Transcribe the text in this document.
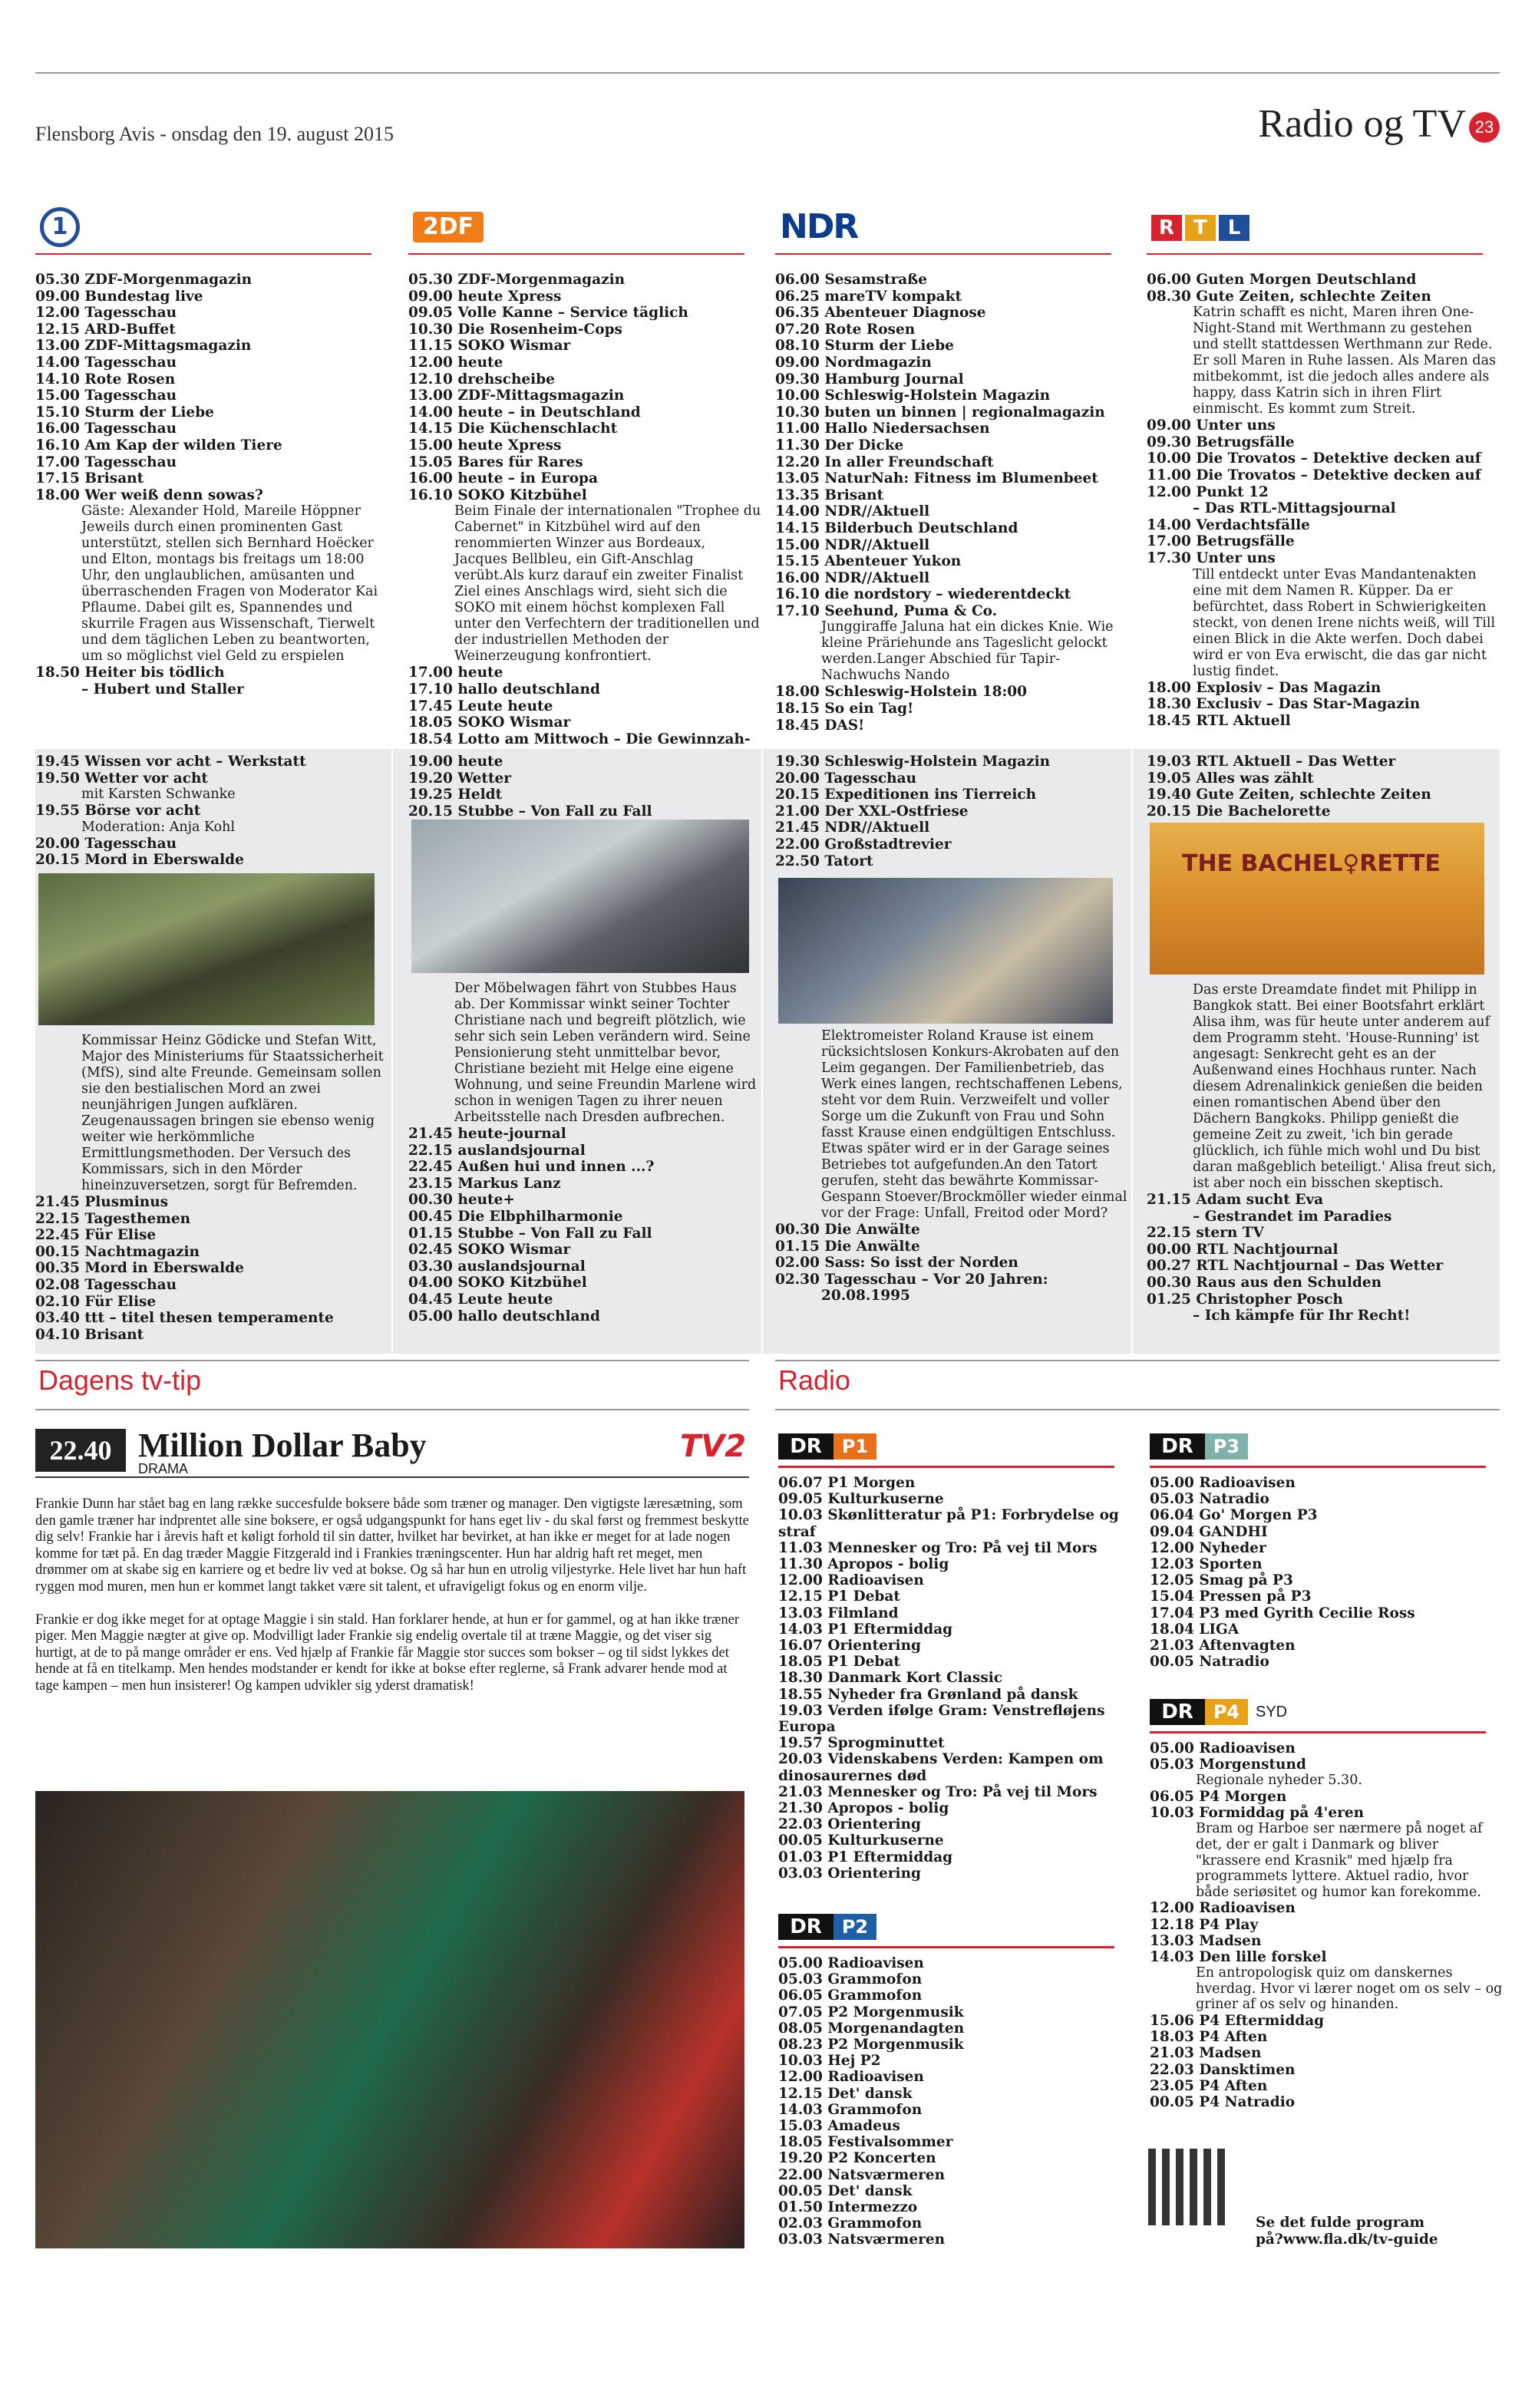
Flensborg Avis - onsdag den 19. august 2015	Radio og TV 23
1	2DF	NDR	R T	L
05.30 ZDF-Morgenmagazin
09.00 Bundestag live
12.00 Tagesschau
12.15 ARD-Buffet
13.00 ZDF-Mittagsmagazin
14.00 Tagesschau
14.10 Rote Rosen
15.00 Tagesschau
15.10 Sturm der Liebe
16.00 Tagesschau
16.10 Am Kap der wilden Tiere
17.00 Tagesschau
17.15 Brisant
18.00 Wer weiß denn sowas?
Gäste: Alexander Hold, Mareile Höppner Jeweils durch einen prominenten Gast unterstützt, stellen sich Bernhard Hoëcker und Elton, montags bis freitags um 18:00 Uhr, den unglaublichen, amüsanten und überraschenden Fragen von Moderator Kai Pflaume. Dabei gilt es, Spannendes und skurrile Fragen aus Wissenschaft, Tierwelt und dem täglichen Leben zu beantworten, um so möglichst viel Geld zu erspielen
18.50 Heiter bis tödlich
– Hubert und Staller
05.30 ZDF-Morgenmagazin
09.00 heute Xpress
09.05 Volle Kanne – Service täglich
10.30 Die Rosenheim-Cops
11.15 SOKO Wismar
12.00 heute
12.10 drehscheibe
13.00 ZDF-Mittagsmagazin
14.00 heute – in Deutschland
14.15 Die Küchenschlacht
15.00 heute Xpress
15.05 Bares für Rares
16.00 heute – in Europa
16.10 SOKO Kitzbühel
Beim Finale der internationalen "Trophee du Cabernet" in Kitzbühel wird auf den renommierten Winzer aus Bordeaux, Jacques Bellbleu, ein Gift-Anschlag verübt.Als kurz darauf ein zweiter Finalist Ziel eines Anschlags wird, sieht sich die SOKO mit einem höchst komplexen Fall unter den Verfechtern der traditionellen und der industriellen Methoden der Weinerzeugung konfrontiert.
17.00 heute
17.10 hallo deutschland
17.45 Leute heute
18.05 SOKO Wismar
18.54 Lotto am Mittwoch – Die Gewinnzah-
06.00 Sesamstraße
06.25 mareTV kompakt
06.35 Abenteuer Diagnose
07.20 Rote Rosen
08.10 Sturm der Liebe
09.00 Nordmagazin
09.30 Hamburg Journal
10.00 Schleswig-Holstein Magazin
10.30 buten un binnen | regionalmagazin
11.00 Hallo Niedersachsen
11.30 Der Dicke
12.20 In aller Freundschaft
13.05 NaturNah: Fitness im Blumenbeet
13.35 Brisant
14.00 NDR//Aktuell
14.15 Bilderbuch Deutschland
15.00 NDR//Aktuell
15.15 Abenteuer Yukon
16.00 NDR//Aktuell
16.10 die nordstory – wiederentdeckt
17.10 Seehund, Puma & Co.
Junggiraffe Jaluna hat ein dickes Knie. Wie kleine Präriehunde ans Tageslicht gelockt werden.Langer Abschied für Tapir-Nachwuchs Nando
18.00 Schleswig-Holstein 18:00
18.15 So ein Tag!
18.45 DAS!
06.00 Guten Morgen Deutschland
08.30 Gute Zeiten, schlechte Zeiten
Katrin schafft es nicht, Maren ihren One-Night-Stand mit Werthmann zu gestehen und stellt stattdessen Werthmann zur Rede. Er soll Maren in Ruhe lassen. Als Maren das mitbekommt, ist die jedoch alles andere als happy, dass Katrin sich in ihren Flirt einmischt. Es kommt zum Streit.
09.00 Unter uns
09.30 Betrugsfälle
10.00 Die Trovatos – Detektive decken auf
11.00 Die Trovatos – Detektive decken auf
12.00 Punkt 12
– Das RTL-Mittagsjournal
14.00 Verdachtsfälle
17.00 Betrugsfälle
17.30 Unter uns
Till entdeckt unter Evas Mandantenakten eine mit dem Namen R. Küpper. Da er befürchtet, dass Robert in Schwierigkeiten steckt, von denen Irene nichts weiß, will Till einen Blick in die Akte werfen. Doch dabei wird er von Eva erwischt, die das gar nicht lustig findet.
18.00 Explosiv – Das Magazin
18.30 Exclusiv – Das Star-Magazin
18.45 RTL Aktuell
19.45 Wissen vor acht – Werkstatt
19.50 Wetter vor acht
mit Karsten Schwanke
19.55 Börse vor acht
Moderation: Anja Kohl
20.00 Tagesschau
20.15 Mord in Eberswalde
19.00 heute
19.20 Wetter
19.25 Heldt
20.15 Stubbe – Von Fall zu Fall
19.30 Schleswig-Holstein Magazin
20.00 Tagesschau
20.15 Expeditionen ins Tierreich
21.00 Der XXL-Ostfriese
21.45 NDR//Aktuell
22.00 Großstadtrevier
22.50 Tatort
19.03 RTL Aktuell – Das Wetter
19.05 Alles was zählt
19.40 Gute Zeiten, schlechte Zeiten
20.15 Die Bachelorette
THE BACHEL♀RETTE
Kommissar Heinz Gödicke und Stefan Witt, Major des Ministeriums für Staatssicherheit (MfS), sind alte Freunde. Gemeinsam sollen sie den bestialischen Mord an zwei neunjährigen Jungen aufklären. Zeugenaussagen bringen sie ebenso wenig weiter wie herkömmliche Ermittlungsmethoden. Der Versuch des Kommissars, sich in den Mörder hineinzuversetzen, sorgt für Befremden.
21.45 Plusminus
22.15 Tagesthemen
22.45 Für Elise
00.15 Nachtmagazin
00.35 Mord in Eberswalde
02.08 Tagesschau
02.10 Für Elise
03.40 ttt – titel thesen temperamente
04.10 Brisant
Der Möbelwagen fährt von Stubbes Haus ab. Der Kommissar winkt seiner Tochter Christiane nach und begreift plötzlich, wie sehr sich sein Leben verändern wird. Seine Pensionierung steht unmittelbar bevor, Christiane bezieht mit Helge eine eigene Wohnung, und seine Freundin Marlene wird schon in wenigen Tagen zu ihrer neuen Arbeitsstelle nach Dresden aufbrechen.
21.45 heute-journal
22.15 auslandsjournal
22.45 Außen hui und innen ...?
23.15 Markus Lanz
00.30 heute+
00.45 Die Elbphilharmonie
01.15 Stubbe – Von Fall zu Fall
02.45 SOKO Wismar
03.30 auslandsjournal
04.00 SOKO Kitzbühel
04.45 Leute heute
05.00 hallo deutschland
Elektromeister Roland Krause ist einem rücksichtslosen Konkurs-Akrobaten auf den Leim gegangen. Der Familienbetrieb, das Werk eines langen, rechtschaffenen Lebens, steht vor dem Ruin. Verzweifelt und voller Sorge um die Zukunft von Frau und Sohn fasst Krause einen endgültigen Entschluss. Etwas später wird er in der Garage seines Betriebes tot aufgefunden.An den Tatort gerufen, steht das bewährte Kommissar-Gespann Stoever/Brockmöller wieder einmal vor der Frage: Unfall, Freitod oder Mord?
00.30 Die Anwälte
01.15 Die Anwälte
02.00 Sass: So isst der Norden
02.30 Tagesschau – Vor 20 Jahren:
20.08.1995
Das erste Dreamdate findet mit Philipp in Bangkok statt. Bei einer Bootsfahrt erklärt Alisa ihm, was für heute unter anderem auf dem Programm steht. 'House-Running' ist angesagt: Senkrecht geht es an der Außenwand eines Hochhaus runter. Nach diesem Adrenalinkick genießen die beiden einen romantischen Abend über den Dächern Bangkoks. Philipp genießt die gemeine Zeit zu zweit, 'ich bin gerade glücklich, ich fühle mich wohl und Du bist daran maßgeblich beteiligt.' Alisa freut sich, ist aber noch ein bisschen skeptisch.
21.15 Adam sucht Eva
– Gestrandet im Paradies
22.15 stern TV
00.00 RTL Nachtjournal
00.27 RTL Nachtjournal – Das Wetter
00.30 Raus aus den Schulden
01.25 Christopher Posch
– Ich kämpfe für Ihr Recht!
Dagens tv-tip
22.40 Million Dollar Baby
DRAMA
TV2

Frankie Dunn har stået bag en lang række succesfulde boksere både som træner og manager. Den vigtigste læresætning, som den gamle træner har indprentet alle sine boksere, er også udgangspunkt for hans eget liv - du skal først og fremmest beskytte dig selv! Frankie har i årevis haft et køligt forhold til sin datter, hvilket har bevirket, at han ikke er meget for at lade nogen komme for tæt på. En dag træder Maggie Fitzgerald ind i Frankies træningscenter. Hun har aldrig haft ret meget, men drømmer om at skabe sig en karriere og et bedre liv ved at bokse. Og så har hun en utrolig viljestyrke. Hele livet har hun haft ryggen mod muren, men hun er kommet langt takket være sit talent, et ufravigeligt fokus og en enorm vilje.

Frankie er dog ikke meget for at optage Maggie i sin stald. Han forklarer hende, at hun er for gammel, og at han ikke træner piger. Men Maggie nægter at give op. Modvilligt lader Frankie sig endelig overtale til at træne Maggie, og det viser sig hurtigt, at de to på mange områder er ens. Ved hjælp af Frankie får Maggie stor succes som bokser – og til sidst lykkes det hende at få en titelkamp. Men hendes modstander er kendt for ikke at bokse efter reglerne, så Frank advarer hende mod at tage kampen – men hun insisterer! Og kampen udvikler sig yderst dramatisk!

Radio
DR	P1
06.07 P1 Morgen
09.05 Kulturkuserne
10.03 Skønlitteratur på P1: Forbrydelse og
straf
11.03 Mennesker og Tro: På vej til Mors
11.30 Apropos - bolig
12.00 Radioavisen
12.15 P1 Debat
13.03 Filmland
14.03 P1 Eftermiddag
16.07 Orientering
18.05 P1 Debat
18.30 Danmark Kort Classic
18.55 Nyheder fra Grønland på dansk
19.03 Verden ifølge Gram: Venstrefløjens
Europa
19.57 Sprogminuttet
20.03 Videnskabens Verden: Kampen om
dinosaurernes død
21.03 Mennesker og Tro: På vej til Mors
21.30 Apropos - bolig
22.03 Orientering
00.05 Kulturkuserne
01.03 P1 Eftermiddag
03.03 Orientering
DR	P2
05.00 Radioavisen
05.03 Grammofon
06.05 Grammofon
07.05 P2 Morgenmusik
08.05 Morgenandagten
08.23 P2 Morgenmusik
10.03 Hej P2
12.00 Radioavisen
12.15 Det' dansk
14.03 Grammofon
15.03 Amadeus
18.05 Festivalsommer
19.20 P2 Koncerten
22.00 Natsværmeren
00.05 Det' dansk
01.50 Intermezzo
02.03 Grammofon
03.03 Natsværmeren
DR	P3
05.00 Radioavisen
05.03 Natradio
06.04 Go' Morgen P3
09.04 GANDHI
12.00 Nyheder
12.03 Sporten
12.05 Smag på P3
15.04 Pressen på P3
17.04 P3 med Gyrith Cecilie Ross
18.04 LIGA
21.03 Aftenvagten
00.05 Natradio
DR	P4	SYD
05.00 Radioavisen
05.03 Morgenstund
Regionale nyheder 5.30.
06.05 P4 Morgen
10.03 Formiddag på 4'eren
Bram og Harboe ser nærmere på noget af det, der er galt i Danmark og bliver "krassere end Krasnik" med hjælp fra programmets lyttere. Aktuel radio, hvor både seriøsitet og humor kan forekomme.
12.00 Radioavisen
12.18 P4 Play
13.03 Madsen
14.03 Den lille forskel
En antropologisk quiz om danskernes hverdag. Hvor vi lærer noget om os selv – og griner af os selv og hinanden.
15.06 P4 Eftermiddag
18.03 P4 Aften
21.03 Madsen
22.03 Dansktimen
23.05 P4 Aften
00.05 P4 Natradio
Se det fulde program
på?www.fla.dk/tv-guide
